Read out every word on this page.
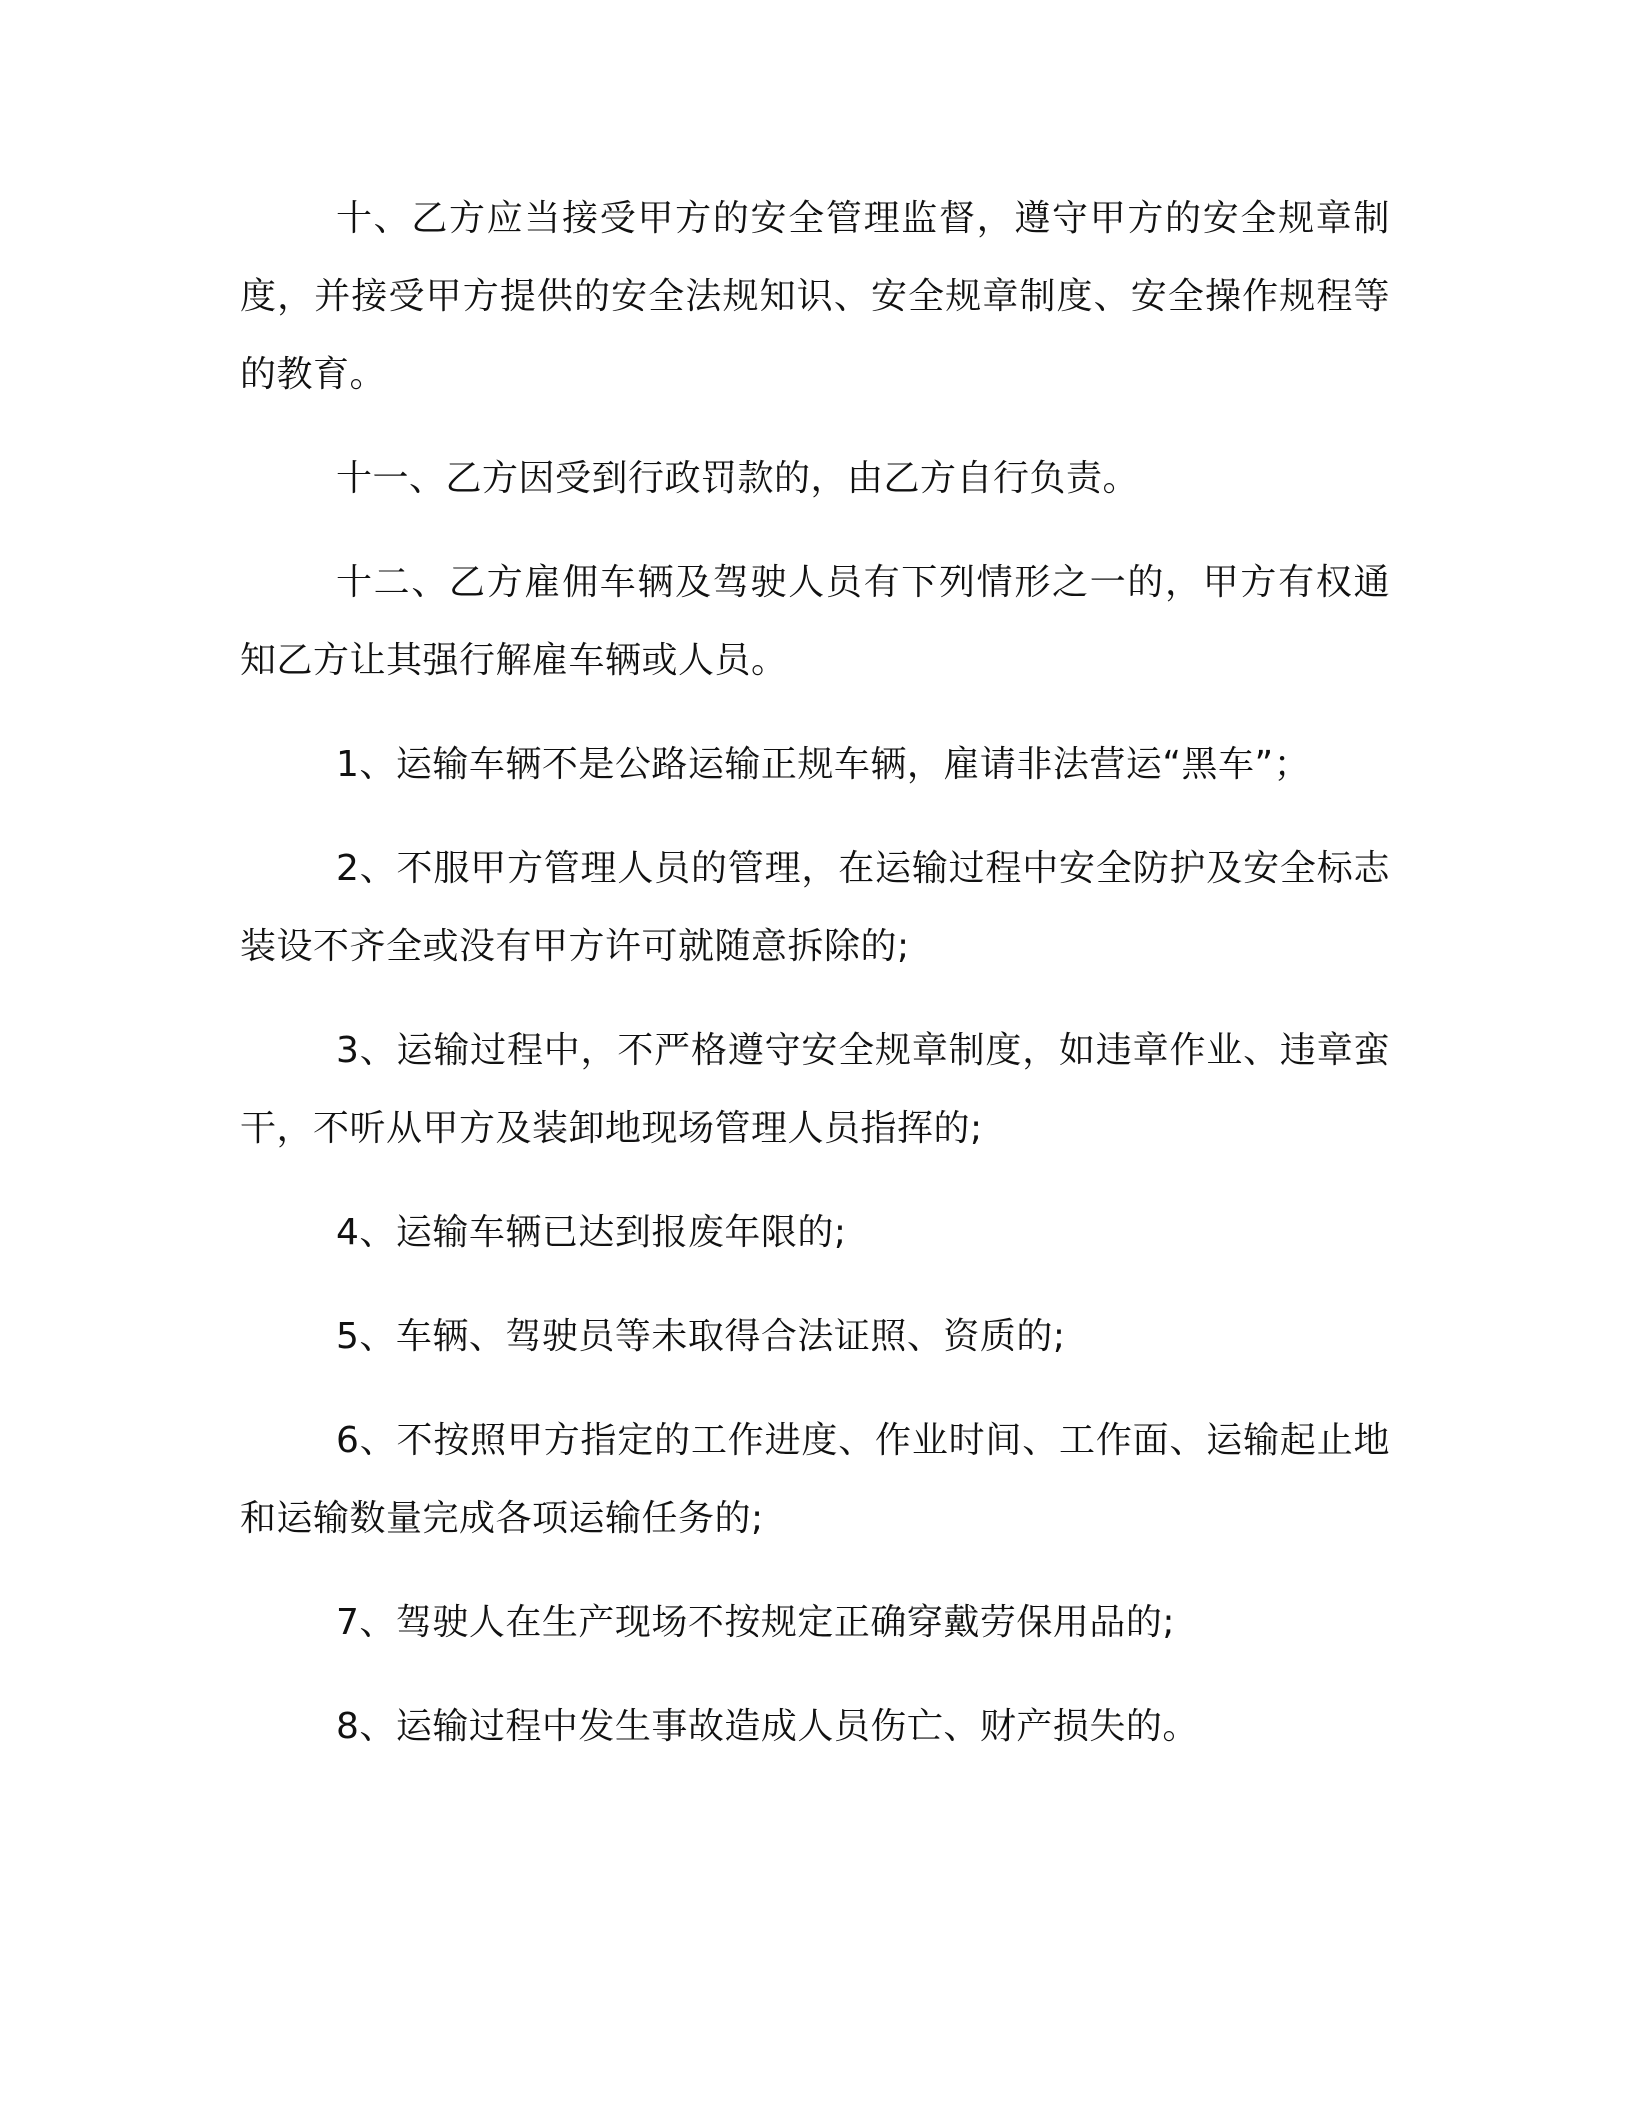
十、乙方应当接受甲方的安全管理监督，遵守甲方的安全规章制度，并接受甲方提供的安全法规知识、安全规章制度、安全操作规程等的教育。

十一、乙方因受到行政罚款的，由乙方自行负责。

十二、乙方雇佣车辆及驾驶人员有下列情形之一的，甲方有权通知乙方让其强行解雇车辆或人员。

1、运输车辆不是公路运输正规车辆，雇请非法营运“黑车”；

2、不服甲方管理人员的管理，在运输过程中安全防护及安全标志装设不齐全或没有甲方许可就随意拆除的;

3、运输过程中，不严格遵守安全规章制度，如违章作业、违章蛮干，不听从甲方及装卸地现场管理人员指挥的;

4、运输车辆已达到报废年限的;

5、车辆、驾驶员等未取得合法证照、资质的;

6、不按照甲方指定的工作进度、作业时间、工作面、运输起止地和运输数量完成各项运输任务的;

7、驾驶人在生产现场不按规定正确穿戴劳保用品的;

8、运输过程中发生事故造成人员伤亡、财产损失的。
